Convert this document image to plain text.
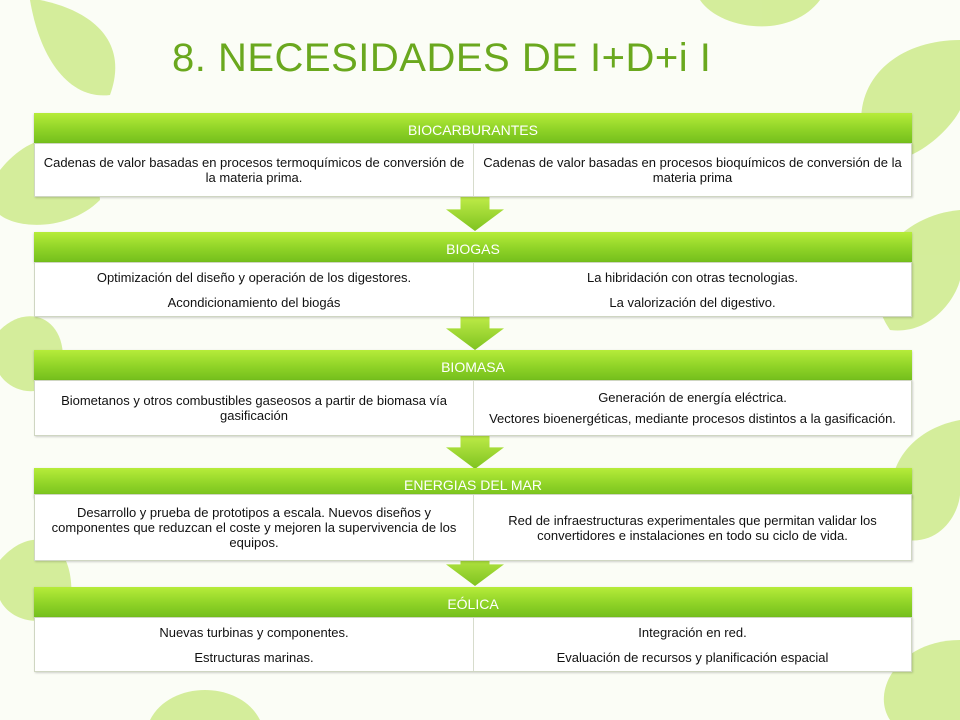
8. NECESIDADES DE I+D+i I
BIOCARBURANTES

Cadenas de valor basadas en procesos termoquímicos de conversión de la materia prima.

Cadenas de valor basadas en procesos bioquímicos de conversión de la materia prima

BIOGAS

Optimización del diseño y operación de los digestores.

Acondicionamiento del biogás

La hibridación con otras tecnologias.

La valorización del digestivo.

BIOMASA

Biometanos y otros combustibles gaseosos a partir de biomasa vía gasificación

Generación de energía eléctrica.

Vectores bioenergéticas, mediante procesos distintos a la gasificación.

ENERGIAS DEL MAR

Desarrollo y prueba de prototipos a escala. Nuevos diseños y componentes que reduzcan el coste y mejoren la supervivencia de los equipos.

Red de infraestructuras experimentales que permitan validar los convertidores e instalaciones en todo su ciclo de vida.

EÓLICA

Nuevas turbinas y componentes.

Estructuras marinas.

Integración en red.

Evaluación de recursos y planificación espacial
